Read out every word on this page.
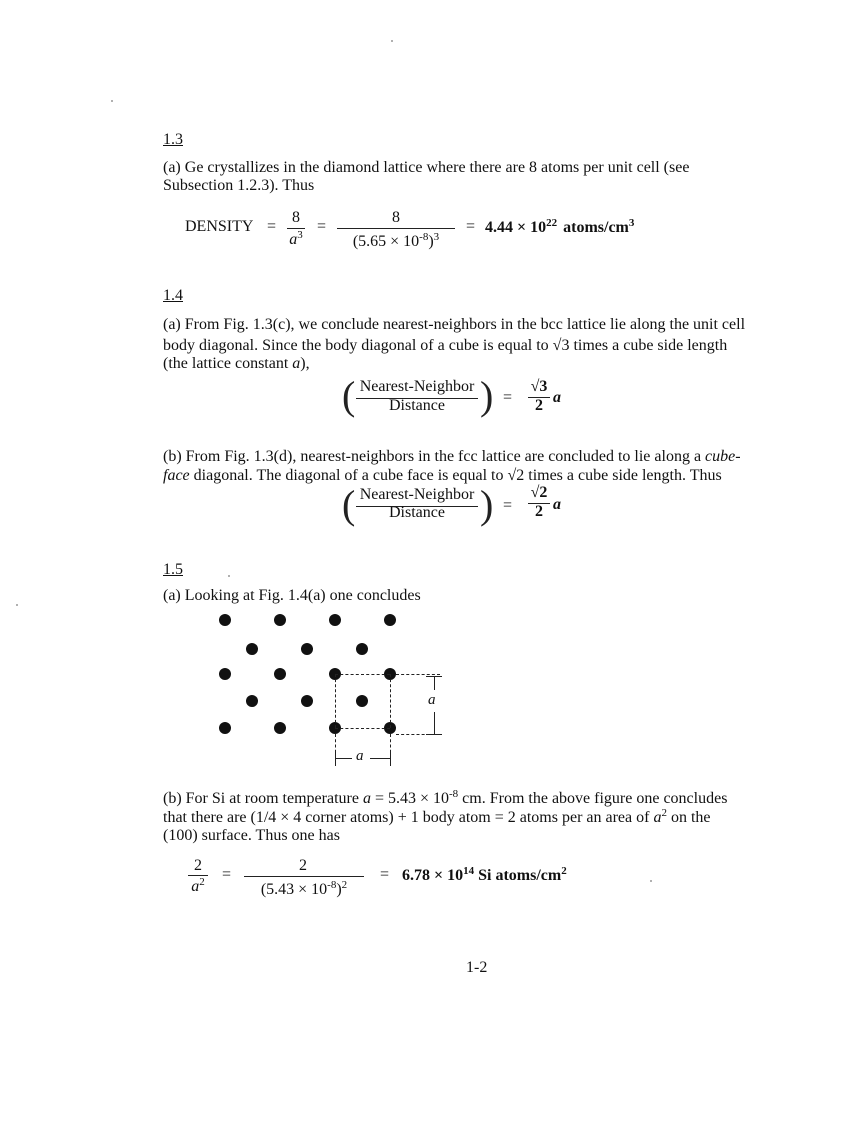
1.3
(a) Ge crystallizes in the diamond lattice where there are 8 atoms per unit cell (see
Subsection 1.2.3). Thus
DENSITY =
8
$a^3$ =
8
$(5.65 \times 10^{-8})^3$
= $4.44 \times 10^{22}$ atoms/$cm^3$
1.4
(a) From Fig. 1.3(c), we conclude nearest-neighbors in the bcc lattice lie along the unit cell
body diagonal. Since the body diagonal of a cube is equal to √3 times a cube side length
(the lattice constant a),
( Nearest-Neighbor
Distance ) =
√3
2 a
(b) From Fig. 1.3(d), nearest-neighbors in the fcc lattice are concluded to lie along a cube-
face diagonal. The diagonal of a cube face is equal to √2 times a cube side length. Thus
( Nearest-Neighbor
Distance ) =
√2
2 a
1.5
(a) Looking at Fig. 1.4(a) one concludes
a
a
(b) For Si at room temperature $a = 5.43 \times 10^{-8}$ cm. From the above figure one concludes
that there are (1/4 × 4 corner atoms) + 1 body atom = 2 atoms per an area of $a^2$ on the
(100) surface. Thus one has
2
$a^2$	=
2
$(5.43 \times 10^{-8})^2$
= $6.78 \times 10^{14}$ Si atoms/$cm^2$
1-2
